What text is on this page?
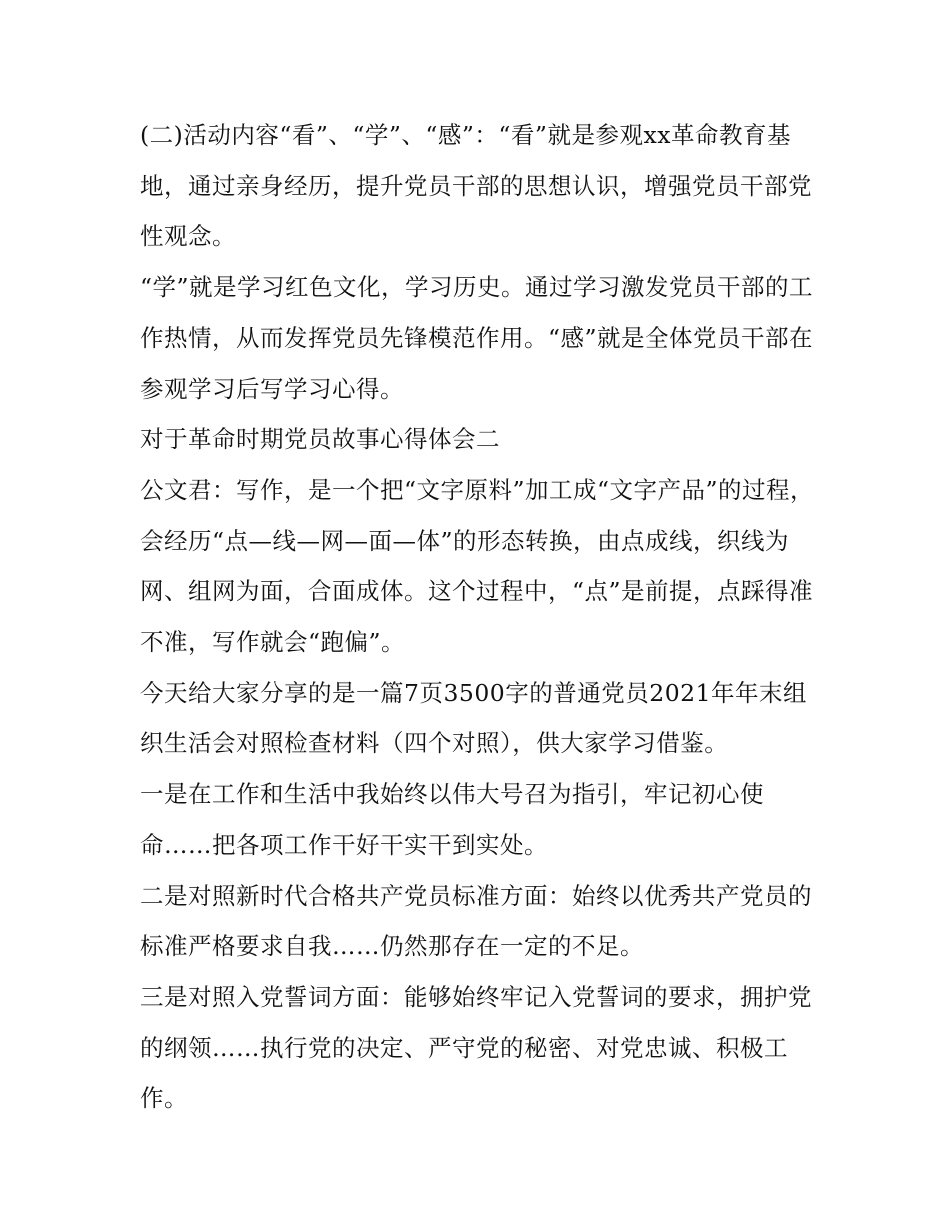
(二)活动内容“看”、“学”、“感”：“看”就是参观xx革命教育基地，通过亲身经历，提升党员干部的思想认识，增强党员干部党性观念。

“学”就是学习红色文化，学习历史。通过学习激发党员干部的工作热情，从而发挥党员先锋模范作用。“感”就是全体党员干部在参观学习后写学习心得。

对于革命时期党员故事心得体会二

公文君：写作，是一个把“文字原料”加工成“文字产品”的过程，会经历“点—线—网—面—体”的形态转换，由点成线，织线为网、组网为面，合面成体。这个过程中，“点”是前提，点踩得准不准，写作就会“跑偏”。

今天给大家分享的是一篇7页3500字的普通党员2021年年末组织生活会对照检查材料（四个对照），供大家学习借鉴。

一是在工作和生活中我始终以伟大号召为指引，牢记初心使命……把各项工作干好干实干到实处。

二是对照新时代合格共产党员标准方面：始终以优秀共产党员的标准严格要求自我……仍然那存在一定的不足。

三是对照入党誓词方面：能够始终牢记入党誓词的要求，拥护党的纲领……执行党的决定、严守党的秘密、对党忠诚、积极工作。
